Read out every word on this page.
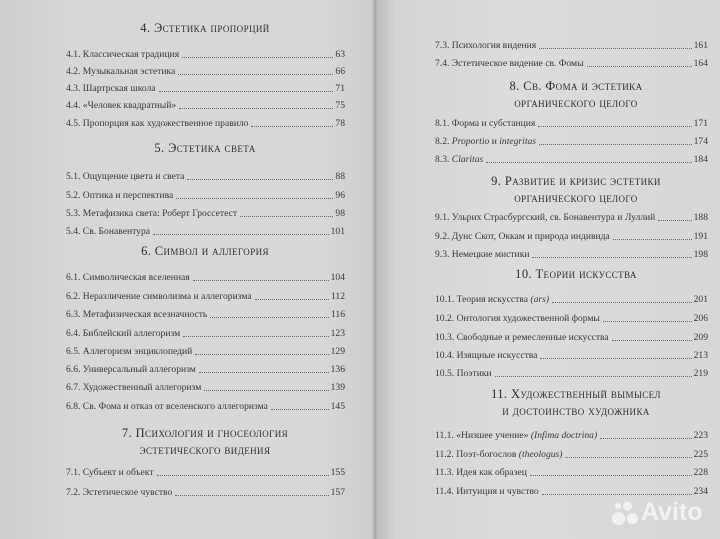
4. Эстетика пропорций
4.1. Классическая традиция	63
4.2. Музыкальная эстетика	66
4.3. Шартрская школа	71
4.4. «Человек квадратный»	75
4.5. Пропорция как художественное правило	78
5. Эстетика света
5.1. Ощущение цвета и света	88
5.2. Оптика и перспектива	96
5.3. Метафизика света: Роберт Гроссетест	98
5.4. Св. Бонавентура	101
6. Символ и аллегория
6.1. Символическая вселенная	104
6.2. Неразличение символизма и аллегоризма	112
6.3. Метафизическая всезначность	116
6.4. Библейский аллегоризм	123
6.5. Аллегоризм энциклопедий	129
6.6. Универсальный аллегоризм	136
6.7. Художественный аллегоризм	139
6.8. Св. Фома и отказ от вселенского аллегоризма	145
7. Психология и гносеология
эстетического видения
7.1. Субъект и объект	155
7.2. Эстетическое чувство	157
7.3. Психология видения	161
7.4. Эстетическое видение св. Фомы	164
8. Св. Фома и эстетика
органического целого
8.1. Форма и субстанция	171
8.2. Proportio и integritas	174
8.3. Claritas	184
9. Развитие и кризис эстетики
органического целого
9.1. Ульрих Страсбургский, св. Бонавентура и Луллий	188
9.2. Дунс Скот, Оккам и природа индивида	191
9.3. Немецкие мистики	198
10. Теории искусства
10.1. Теория искусства (ars)	201
10.2. Онтология художественной формы	206
10.3. Свободные и ремесленные искусства	209
10.4. Изящные искусства	213
10.5. Поэтики	219
11. Художественный вымысел
и достоинство художника
11.1. «Низшее учение» (Infima doctrina)	223
11.2. Поэт-богослов (theologus)	225
11.3. Идея как образец	228
11.4. Интуиция и чувство	234
Avito
